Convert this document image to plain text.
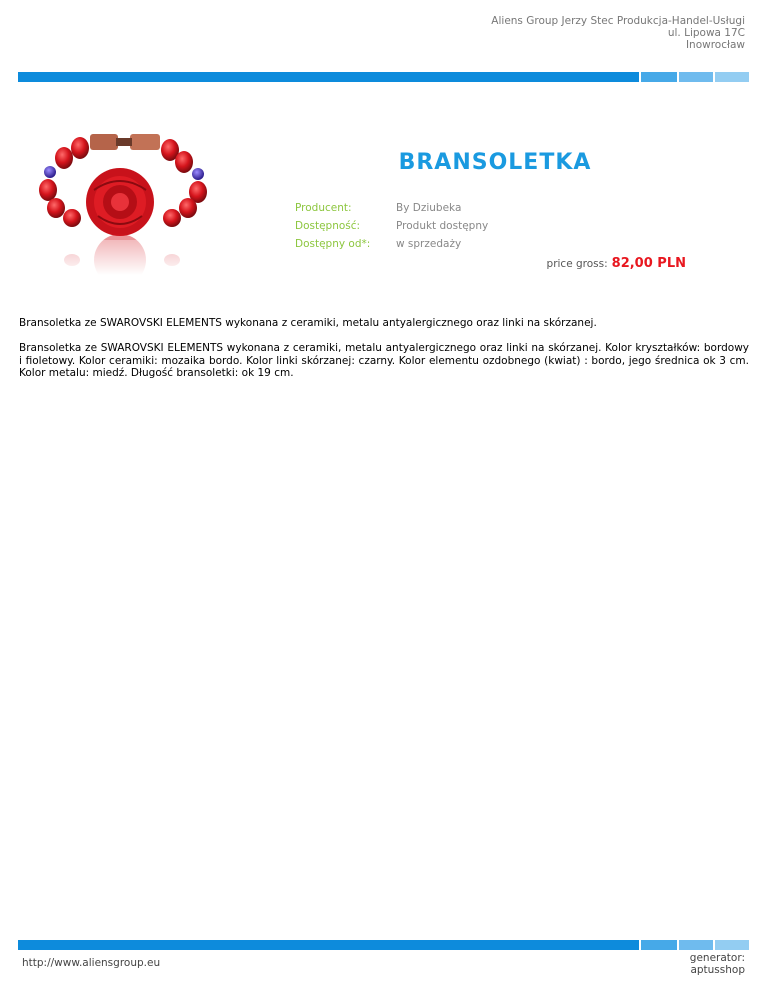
Aliens Group Jerzy Stec Produkcja-Handel-Usługi
ul. Lipowa 17C
Inowrocław
BRANSOLETKA
Producent:	By Dziubeka
Dostępność:	Produkt dostępny
Dostępny od*:	w sprzedaży
price gross: 82,00 PLN
Bransoletka ze SWAROVSKI ELEMENTS wykonana z ceramiki, metalu antyalergicznego oraz linki na skórzanej.
Bransoletka ze SWAROVSKI ELEMENTS wykonana z ceramiki, metalu antyalergicznego oraz linki na skórzanej. Kolor kryształków: bordowy i fioletowy. Kolor ceramiki: mozaika bordo. Kolor linki skórzanej: czarny. Kolor elementu ozdobnego (kwiat) : bordo, jego średnica ok 3 cm. Kolor metalu: miedź. Długość bransoletki: ok 19 cm.
http://www.aliensgroup.eu	generator:
aptusshop
